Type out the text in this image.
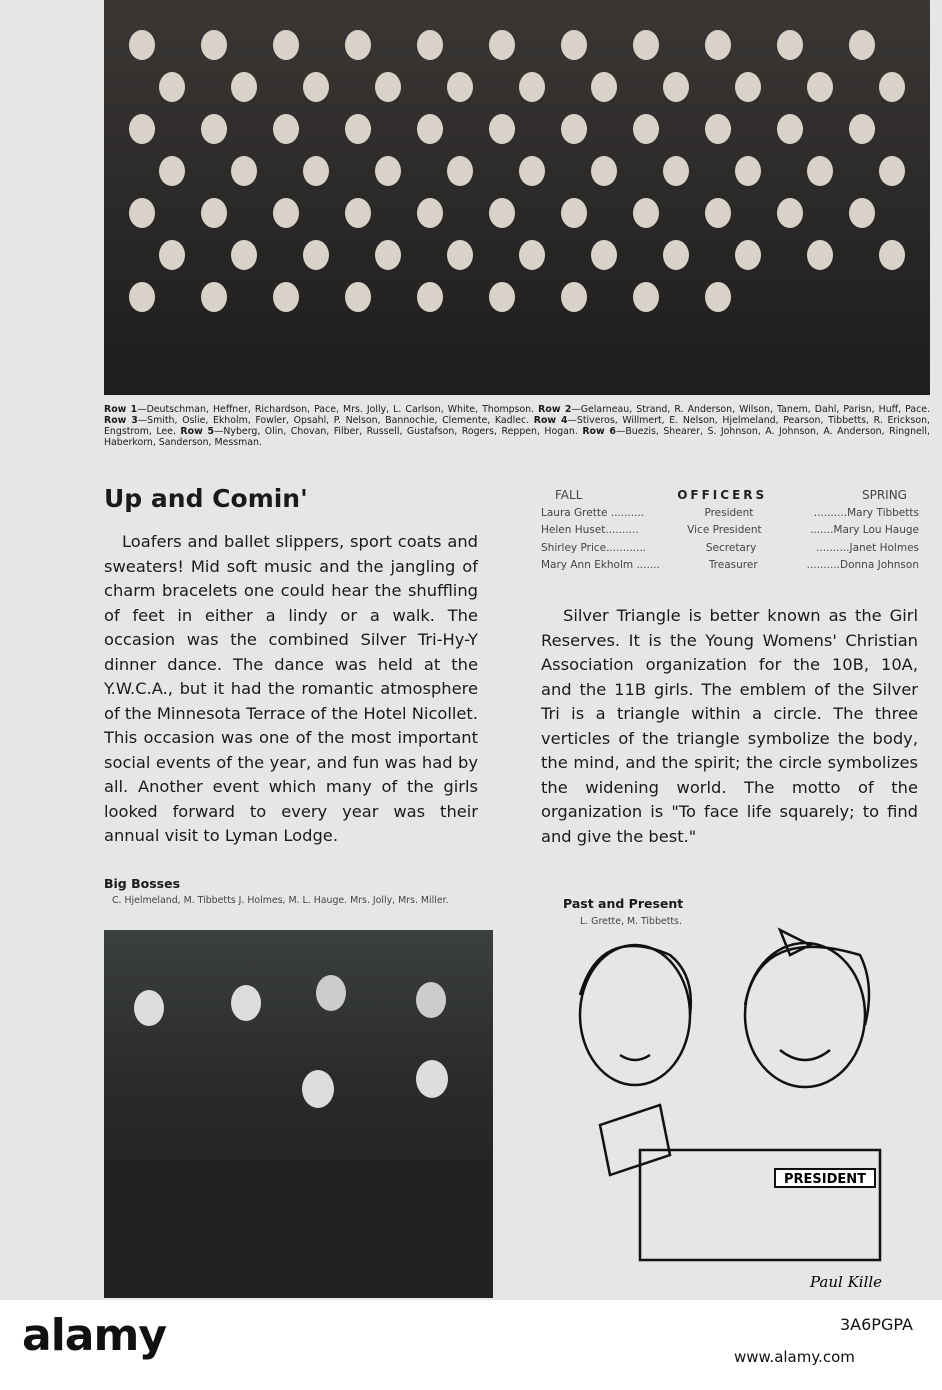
Row 1—Deutschman, Heffner, Richardson, Pace, Mrs. Jolly, L. Carlson, White, Thompson. Row 2—Gelarneau, Strand, R. Anderson, Wilson, Tanem, Dahl, Parisn, Huff, Pace. Row 3—Smith, Oslie, Ekholm, Fowler, Opsahl, P. Nelson, Bannochie, Clemente, Kadlec. Row 4—Stiveros, Willmert, E. Nelson, Hjelmeland, Pearson, Tibbetts, R. Erickson, Engstrom, Lee. Row 5—Nyberg, Olin, Chovan, Filber, Russell, Gustafson, Rogers, Reppen, Hogan. Row 6—Buezis, Shearer, S. Johnson, A. Johnson, A. Anderson, Ringnell, Haberkorn, Sanderson, Messman.
Up and Comin'
Loafers and ballet slippers, sport coats and sweaters! Mid soft music and the jangling of charm bracelets one could hear the shuffling of feet in either a lindy or a walk. The occasion was the combined Silver Tri-Hy-Y dinner dance. The dance was held at the Y.W.C.A., but it had the romantic atmosphere of the Minnesota Terrace of the Hotel Nicollet. This occasion was one of the most important social events of the year, and fun was had by all. Another event which many of the girls looked forward to every year was their annual visit to Lyman Lodge.
FALL	OFFICERS	SPRING
Laura Grette ..........	President	..........Mary Tibbetts
Helen Huset..........	Vice President	.......Mary Lou Hauge
Shirley Price............	Secretary	..........Janet Holmes
Mary Ann Ekholm .......	Treasurer	..........Donna Johnson
Silver Triangle is better known as the Girl Reserves. It is the Young Womens' Christian Association organization for the 10B, 10A, and the 11B girls. The emblem of the Silver Tri is a triangle within a circle. The three verticles of the triangle symbolize the body, the mind, and the spirit; the circle symbolizes the widening world. The motto of the organization is "To face life squarely; to find and give the best."
Big Bosses
C. Hjelmeland, M. Tibbetts J. Holmes, M. L. Hauge. Mrs. Jolly, Mrs. Miller.	Past and Present
L. Grette, M. Tibbetts.
PRESIDENT
Paul Kille
alamy	3A6PGPA
www.alamy.com
